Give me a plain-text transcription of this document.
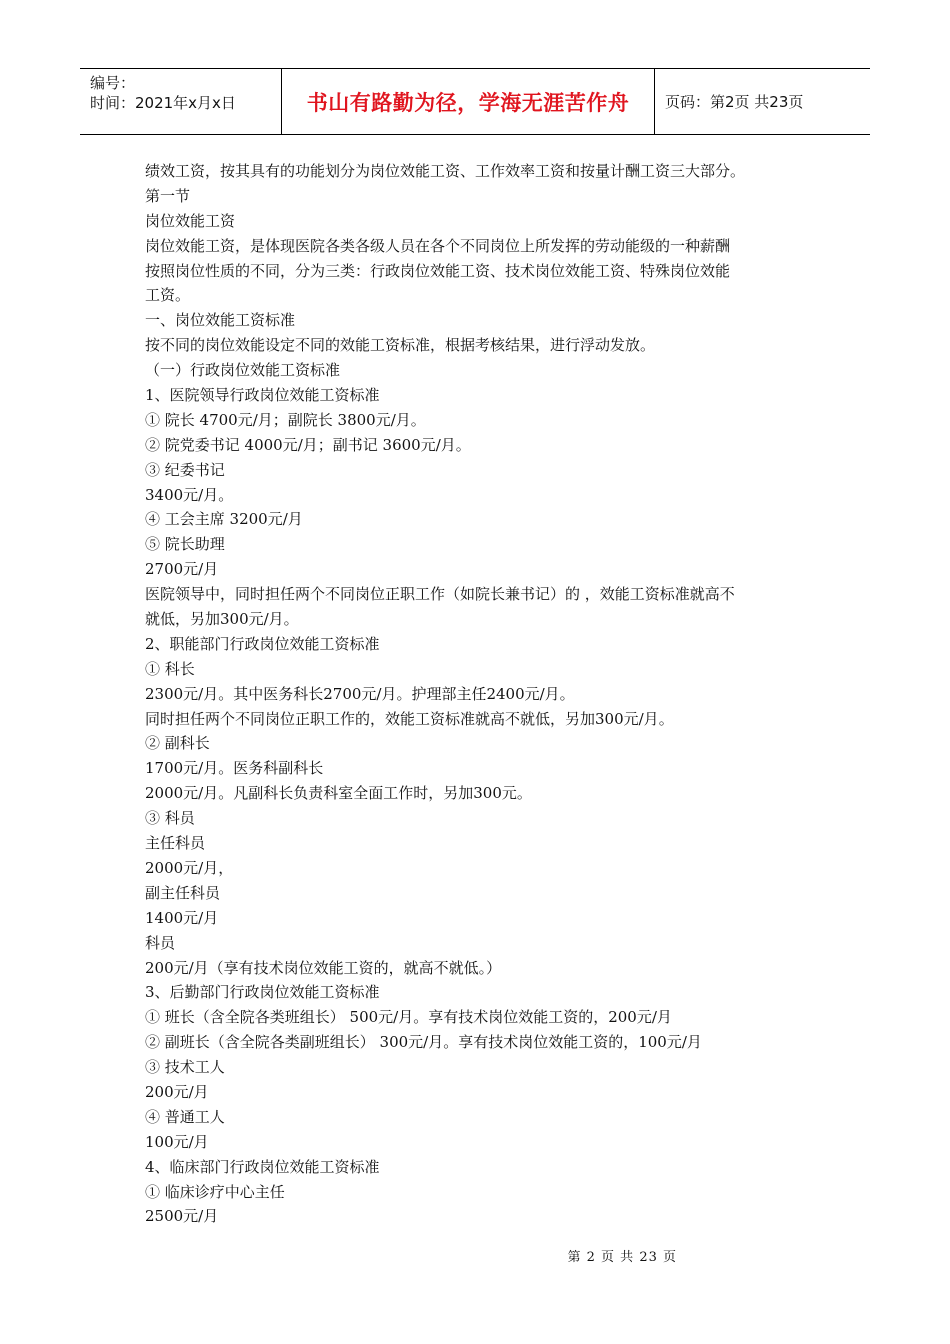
编号：
时间：2021年x月x日	书山有路勤为径，学海无涯苦作舟	页码：第2页 共23页
绩效工资，按其具有的功能划分为岗位效能工资、工作效率工资和按量计酬工资三大部分。
第一节
岗位效能工资
岗位效能工资，是体现医院各类各级人员在各个不同岗位上所发挥的劳动能级的一种薪酬
按照岗位性质的不同，分为三类：行政岗位效能工资、技术岗位效能工资、特殊岗位效能
工资。
一、岗位效能工资标准
按不同的岗位效能设定不同的效能工资标准，根据考核结果，进行浮动发放。
（一）行政岗位效能工资标准
1、医院领导行政岗位效能工资标准
① 院长 4700元/月；副院长 3800元/月。
② 院党委书记 4000元/月；副书记 3600元/月。
③ 纪委书记
3400元/月。
④ 工会主席 3200元/月
⑤ 院长助理
2700元/月
医院领导中，同时担任两个不同岗位正职工作（如院长兼书记）的 ，效能工资标准就高不
就低，另加300元/月。
2、职能部门行政岗位效能工资标准
① 科长
2300元/月。其中医务科长2700元/月。护理部主任2400元/月。
同时担任两个不同岗位正职工作的，效能工资标准就高不就低，另加300元/月。
② 副科长
1700元/月。医务科副科长
2000元/月。凡副科长负责科室全面工作时，另加300元。
③ 科员
主任科员
2000元/月，
副主任科员
1400元/月
科员
200元/月（享有技术岗位效能工资的，就高不就低。）
3、后勤部门行政岗位效能工资标准
① 班长（含全院各类班组长） 500元/月。享有技术岗位效能工资的，200元/月
② 副班长（含全院各类副班组长） 300元/月。享有技术岗位效能工资的，100元/月
③ 技术工人
200元/月
④ 普通工人
100元/月
4、临床部门行政岗位效能工资标准
① 临床诊疗中心主任
2500元/月
第 2 页 共 23 页
